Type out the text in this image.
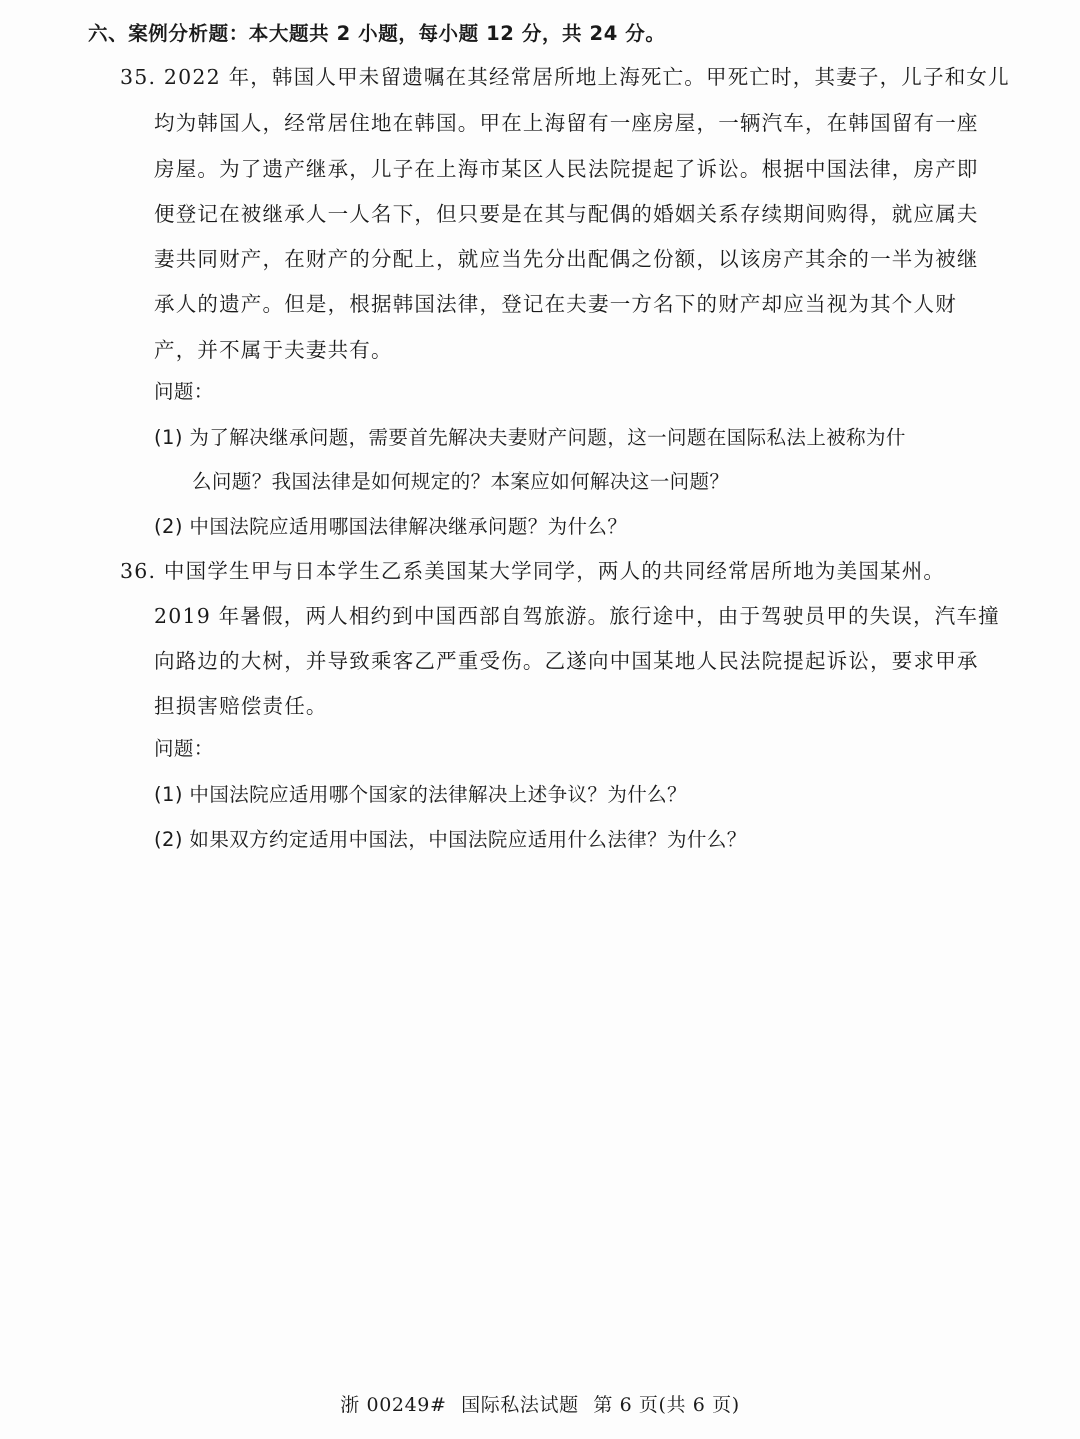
六、案例分析题：本大题共 2 小题，每小题 12 分，共 24 分。
35. 2022 年，韩国人甲未留遗嘱在其经常居所地上海死亡。甲死亡时，其妻子，儿子和女儿
均为韩国人，经常居住地在韩国。甲在上海留有一座房屋，一辆汽车，在韩国留有一座
房屋。为了遗产继承，儿子在上海市某区人民法院提起了诉讼。根据中国法律，房产即
便登记在被继承人一人名下，但只要是在其与配偶的婚姻关系存续期间购得，就应属夫
妻共同财产，在财产的分配上，就应当先分出配偶之份额，以该房产其余的一半为被继
承人的遗产。但是，根据韩国法律，登记在夫妻一方名下的财产却应当视为其个人财
产，并不属于夫妻共有。
问题：
(1) 为了解决继承问题，需要首先解决夫妻财产问题，这一问题在国际私法上被称为什
么问题？我国法律是如何规定的？本案应如何解决这一问题？
(2) 中国法院应适用哪国法律解决继承问题？为什么？
36. 中国学生甲与日本学生乙系美国某大学同学，两人的共同经常居所地为美国某州。
2019 年暑假，两人相约到中国西部自驾旅游。旅行途中，由于驾驶员甲的失误，汽车撞
向路边的大树，并导致乘客乙严重受伤。乙遂向中国某地人民法院提起诉讼，要求甲承
担损害赔偿责任。
问题：
(1) 中国法院应适用哪个国家的法律解决上述争议？为什么？
(2) 如果双方约定适用中国法，中国法院应适用什么法律？为什么？
浙 00249# 国际私法试题 第 6 页(共 6 页)
